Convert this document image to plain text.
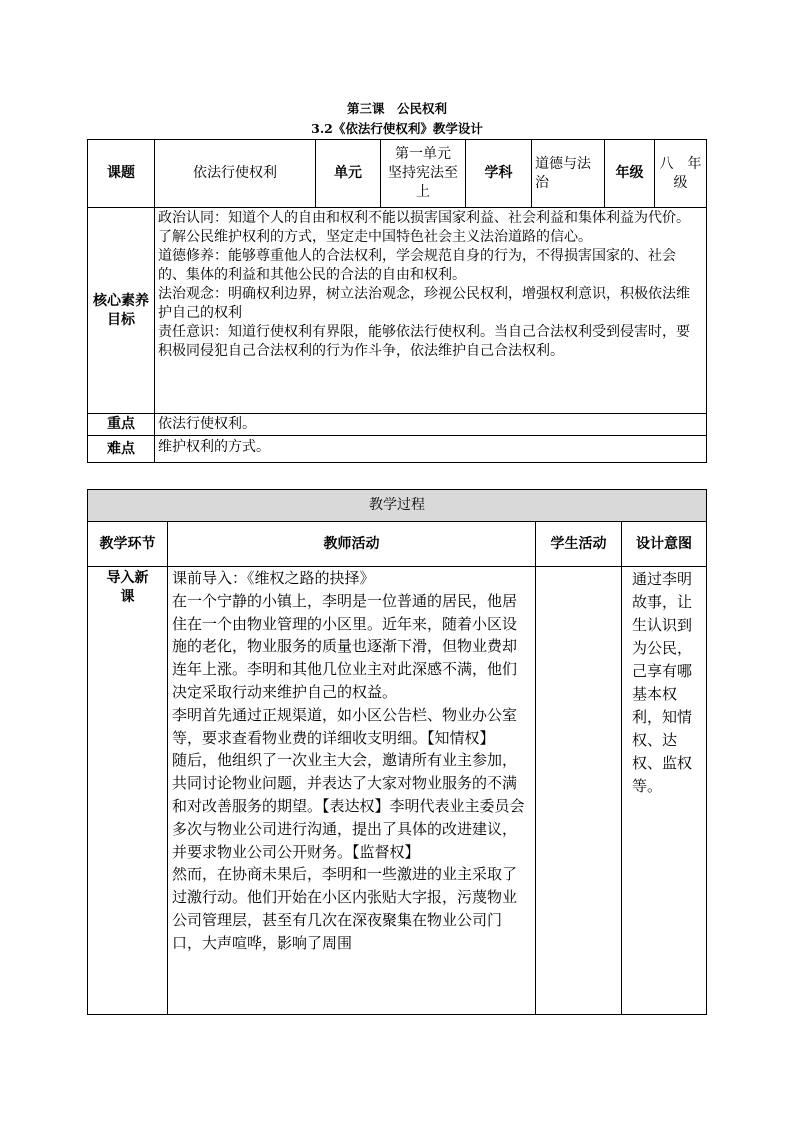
第三课　公民权利
3.2《依法行使权利》教学设计
课题	依法行使权利	单元	第一单元　坚持宪法至上	学科	道德与法治	年级	八　年级
核心素养目标	政治认同：知道个人的自由和权利不能以损害国家利益、社会利益和集体利益为代价。了解公民维护权利的方式，坚定走中国特色社会主义法治道路的信心。

道德修养：能够尊重他人的合法权利，学会规范自身的行为，不得损害国家的、社会的、集体的利益和其他公民的合法的自由和权利。

法治观念：明确权利边界，树立法治观念，珍视公民权利，增强权利意识，积极依法维护自己的权利

责任意识：知道行使权利有界限，能够依法行使权利。当自己合法权利受到侵害时，要积极同侵犯自己合法权利的行为作斗争，依法维护自己合法权利。						

重点	依法行使权利。						
难点	维护权利的方式。						
教学过程			
教学环节	教师活动	学生活动	设计意图
导入新课	课前导入：《维权之路的抉择》

在一个宁静的小镇上，李明是一位普通的居民，他居住在一个由物业管理的小区里。近年来，随着小区设施的老化，物业服务的质量也逐渐下滑，但物业费却连年上涨。李明和其他几位业主对此深感不满，他们决定采取行动来维护自己的权益。

李明首先通过正规渠道，如小区公告栏、物业办公室等，要求查看物业费的详细收支明细。【知情权】

随后，他组织了一次业主大会，邀请所有业主参加，共同讨论物业问题，并表达了大家对物业服务的不满和对改善服务的期望。【表达权】李明代表业主委员会多次与物业公司进行沟通，提出了具体的改进建议，并要求物业公司公开财务。【监督权】

然而，在协商未果后，李明和一些激进的业主采取了过激行动。他们开始在小区内张贴大字报，污蔑物业公司管理层，甚至有几次在深夜聚集在物业公司门口，大声喧哗，影响了周围		通过李明故事，让生认识到为公民，己享有哪基本权利，知情权、达权、监权等。
